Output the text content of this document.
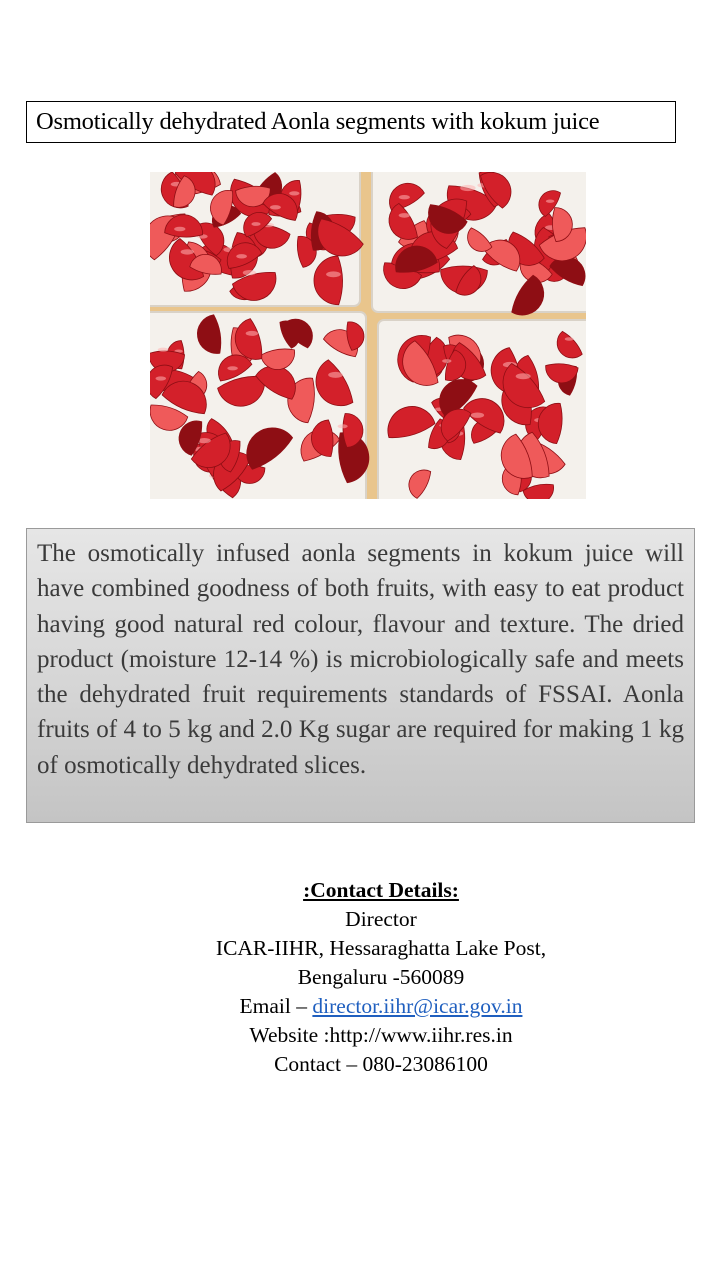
Osmotically dehydrated Aonla segments with kokum juice

The osmotically infused aonla segments in kokum juice will have combined goodness of both fruits, with easy to eat product having good natural red colour, flavour and texture. The dried product (moisture 12-14 %) is microbiologically safe and meets the dehydrated fruit requirements standards of FSSAI. Aonla fruits of 4 to 5 kg and 2.0 Kg sugar are required for making 1 kg of osmotically dehydrated slices.

:Contact Details:
Director
ICAR-IIHR, Hessaraghatta Lake Post,
Bengaluru -560089
Email – director.iihr@icar.gov.in
Website :http://www.iihr.res.in
Contact – 080-23086100
